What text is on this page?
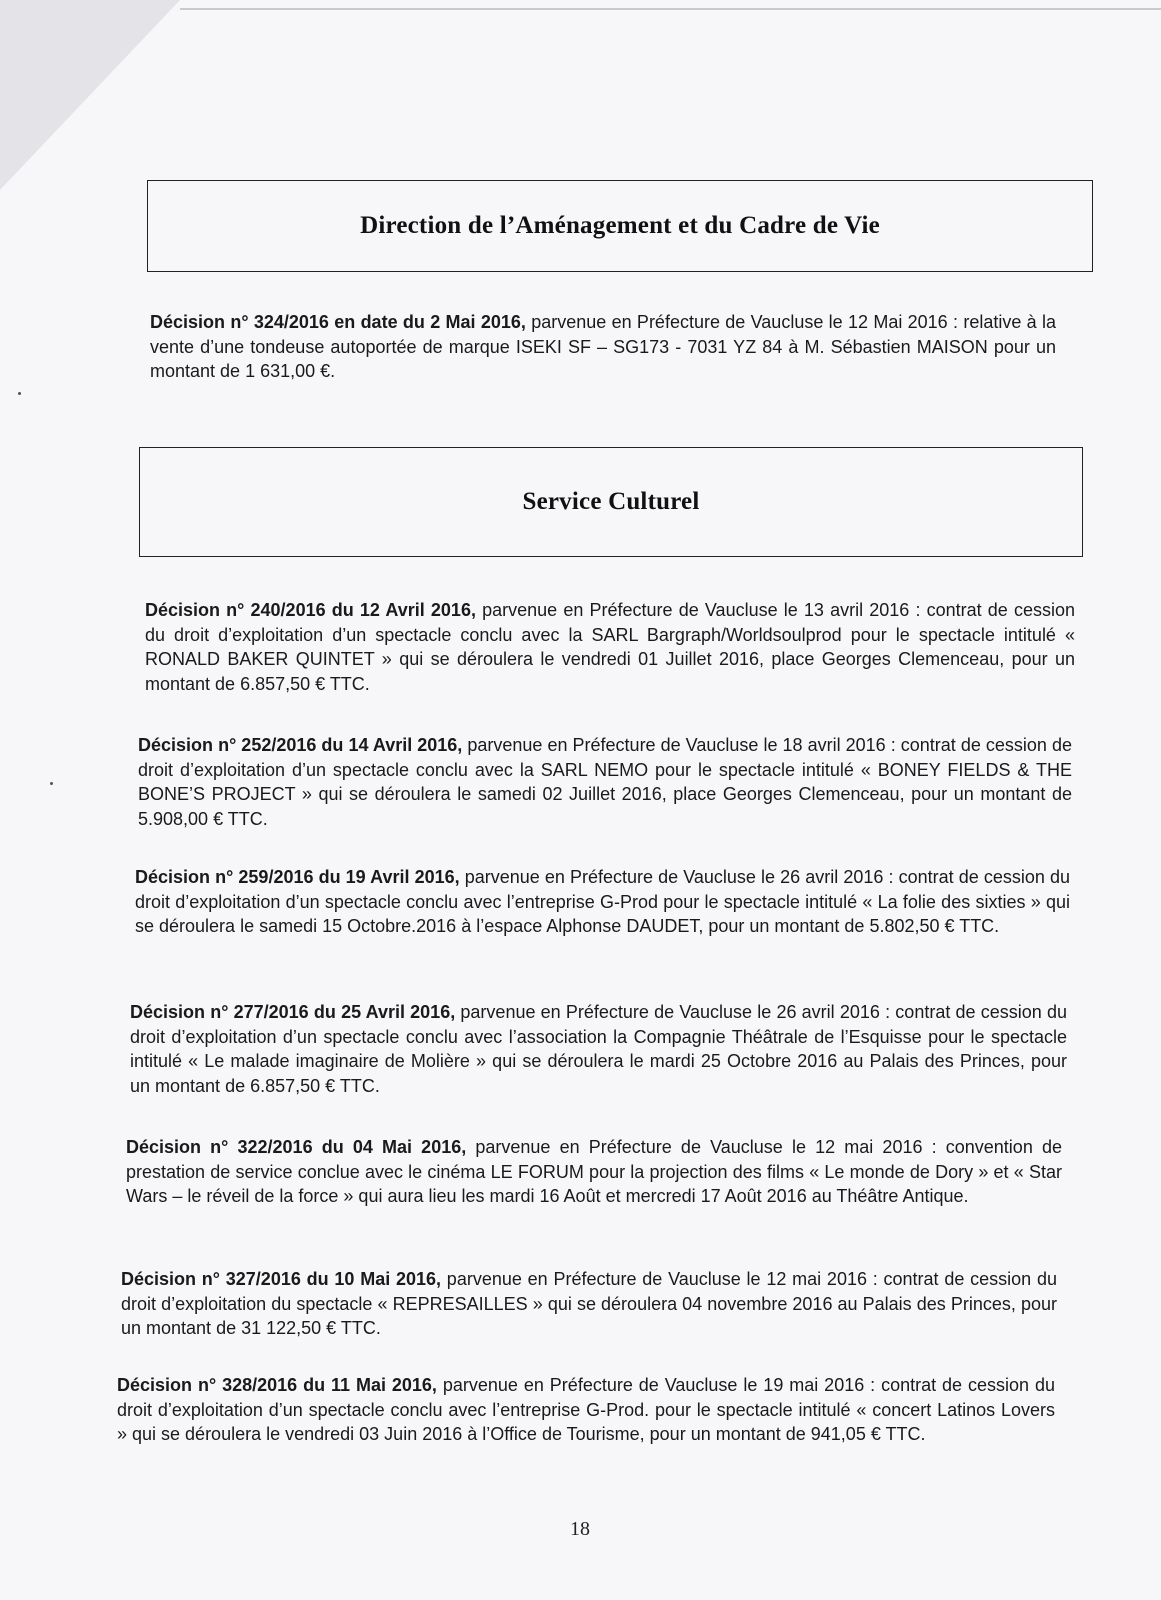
Direction de l’Aménagement et du Cadre de Vie
Décision n° 324/2016 en date du 2 Mai 2016, parvenue en Préfecture de Vaucluse le 12 Mai 2016 : relative à la vente d’une tondeuse autoportée de marque ISEKI SF – SG173 - 7031 YZ 84 à M. Sébastien MAISON pour un montant de 1 631,00 €.
Service Culturel
Décision n° 240/2016 du 12 Avril 2016, parvenue en Préfecture de Vaucluse le 13 avril 2016 : contrat de cession du droit d’exploitation d’un spectacle conclu avec la SARL Bargraph/Worldsoulprod pour le spectacle intitulé « RONALD BAKER QUINTET » qui se déroulera le vendredi 01 Juillet 2016, place Georges Clemenceau, pour un montant de 6.857,50 € TTC.
Décision n° 252/2016 du 14 Avril 2016, parvenue en Préfecture de Vaucluse le 18 avril 2016 : contrat de cession de droit d’exploitation d’un spectacle conclu avec la SARL NEMO pour le spectacle intitulé « BONEY FIELDS & THE BONE’S PROJECT » qui se déroulera le samedi 02 Juillet 2016, place Georges Clemenceau, pour un montant de 5.908,00 € TTC.
Décision n° 259/2016 du 19 Avril 2016, parvenue en Préfecture de Vaucluse le 26 avril 2016 : contrat de cession du droit d’exploitation d’un spectacle conclu avec l’entreprise G-Prod pour le spectacle intitulé « La folie des sixties » qui se déroulera le samedi 15 Octobre.2016 à l’espace Alphonse DAUDET, pour un montant de 5.802,50 € TTC.
Décision n° 277/2016 du 25 Avril 2016, parvenue en Préfecture de Vaucluse le 26 avril 2016 : contrat de cession du droit d’exploitation d’un spectacle conclu avec l’association la Compagnie Théâtrale de l’Esquisse pour le spectacle intitulé « Le malade imaginaire de Molière » qui se déroulera le mardi 25 Octobre 2016 au Palais des Princes, pour un montant de 6.857,50 € TTC.
Décision n° 322/2016 du 04 Mai 2016, parvenue en Préfecture de Vaucluse le 12 mai 2016 : convention de prestation de service conclue avec le cinéma LE FORUM pour la projection des films « Le monde de Dory » et « Star Wars – le réveil de la force » qui aura lieu les mardi 16 Août et mercredi 17 Août 2016 au Théâtre Antique.
Décision n° 327/2016 du 10 Mai 2016, parvenue en Préfecture de Vaucluse le 12 mai 2016 : contrat de cession du droit d’exploitation du spectacle « REPRESAILLES » qui se déroulera 04 novembre 2016 au Palais des Princes, pour un montant de 31 122,50 € TTC.
Décision n° 328/2016 du 11 Mai 2016, parvenue en Préfecture de Vaucluse le 19 mai 2016 : contrat de cession du droit d’exploitation d’un spectacle conclu avec l’entreprise G-Prod. pour le spectacle intitulé « concert Latinos Lovers » qui se déroulera le vendredi 03 Juin 2016 à l’Office de Tourisme, pour un montant de 941,05 € TTC.
18
